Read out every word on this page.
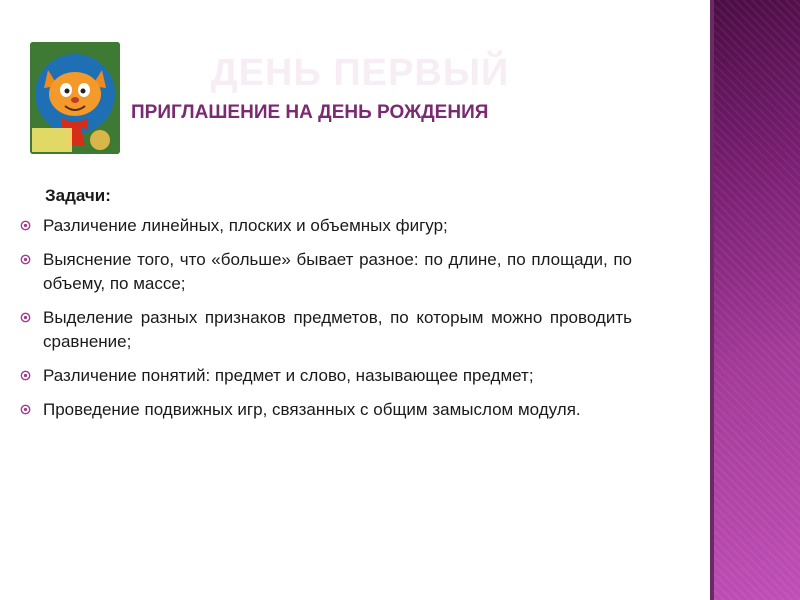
ДЕНЬ ПЕРВЫЙ
ПРИГЛАШЕНИЕ НА ДЕНЬ РОЖДЕНИЯ
Задачи:
Различение линейных, плоских и объемных фигур;
Выяснение того, что «больше» бывает разное: по длине, по площади, по объему, по массе;
Выделение разных признаков предметов, по которым можно проводить сравнение;
Различение понятий: предмет и слово, называющее предмет;
Проведение подвижных игр, связанных с общим замыслом модуля.
